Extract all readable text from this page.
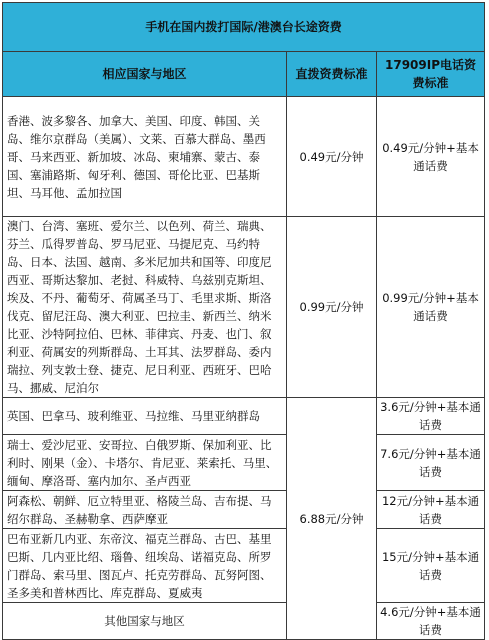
手机在国内拨打国际/港澳台长途资费		
相应国家与地区	直拨资费标准	17909IP电话资费标准
香港、波多黎各、加拿大、美国、印度、韩国、关岛、维尔京群岛（美属）、文莱、百慕大群岛、墨西哥、马来西亚、新加坡、冰岛、柬埔寨、蒙古、泰国、塞浦路斯、匈牙利、德国、哥伦比亚、巴基斯坦、马耳他、孟加拉国	0.49元/分钟	0.49元/分钟+基本通话费
澳门、台湾、塞班、爱尔兰、以色列、荷兰、瑞典、芬兰、瓜得罗普岛、罗马尼亚、马提尼克、马约特岛、日本、法国、越南、多米尼加共和国等、印度尼西亚、哥斯达黎加、老挝、科威特、乌兹别克斯坦、埃及、不丹、葡萄牙、荷属圣马丁、毛里求斯、斯洛伐克、留尼汪岛、澳大利亚、巴拉圭、新西兰、纳米比亚、沙特阿拉伯、巴林、菲律宾、丹麦、也门、叙利亚、荷属安的列斯群岛、土耳其、法罗群岛、委内瑞拉、列支敦士登、捷克、尼日利亚、西班牙、巴哈马、挪威、尼泊尔	0.99元/分钟	0.99元/分钟+基本通话费
英国、巴拿马、玻利维亚、马拉维、马里亚纳群岛	6.88元/分钟	3.6元/分钟+基本通话费
瑞士、爱沙尼亚、安哥拉、白俄罗斯、保加利亚、比利时、刚果（金）、卡塔尔、肯尼亚、莱索托、马里、缅甸、摩洛哥、塞内加尔、圣卢西亚		7.6元/分钟+基本通话费
阿森松、朝鲜、厄立特里亚、格陵兰岛、吉布提、马绍尔群岛、圣赫勒拿、西萨摩亚		12元/分钟+基本通话费
巴布亚新几内亚、东帝汶、福克兰群岛、古巴、基里巴斯、几内亚比绍、瑙鲁、纽埃岛、诺福克岛、所罗门群岛、索马里、图瓦卢、托克劳群岛、瓦努阿图、圣多美和普林西比、库克群岛、夏威夷		15元/分钟+基本通话费
其他国家与地区		4.6元/分钟+基本通话费
